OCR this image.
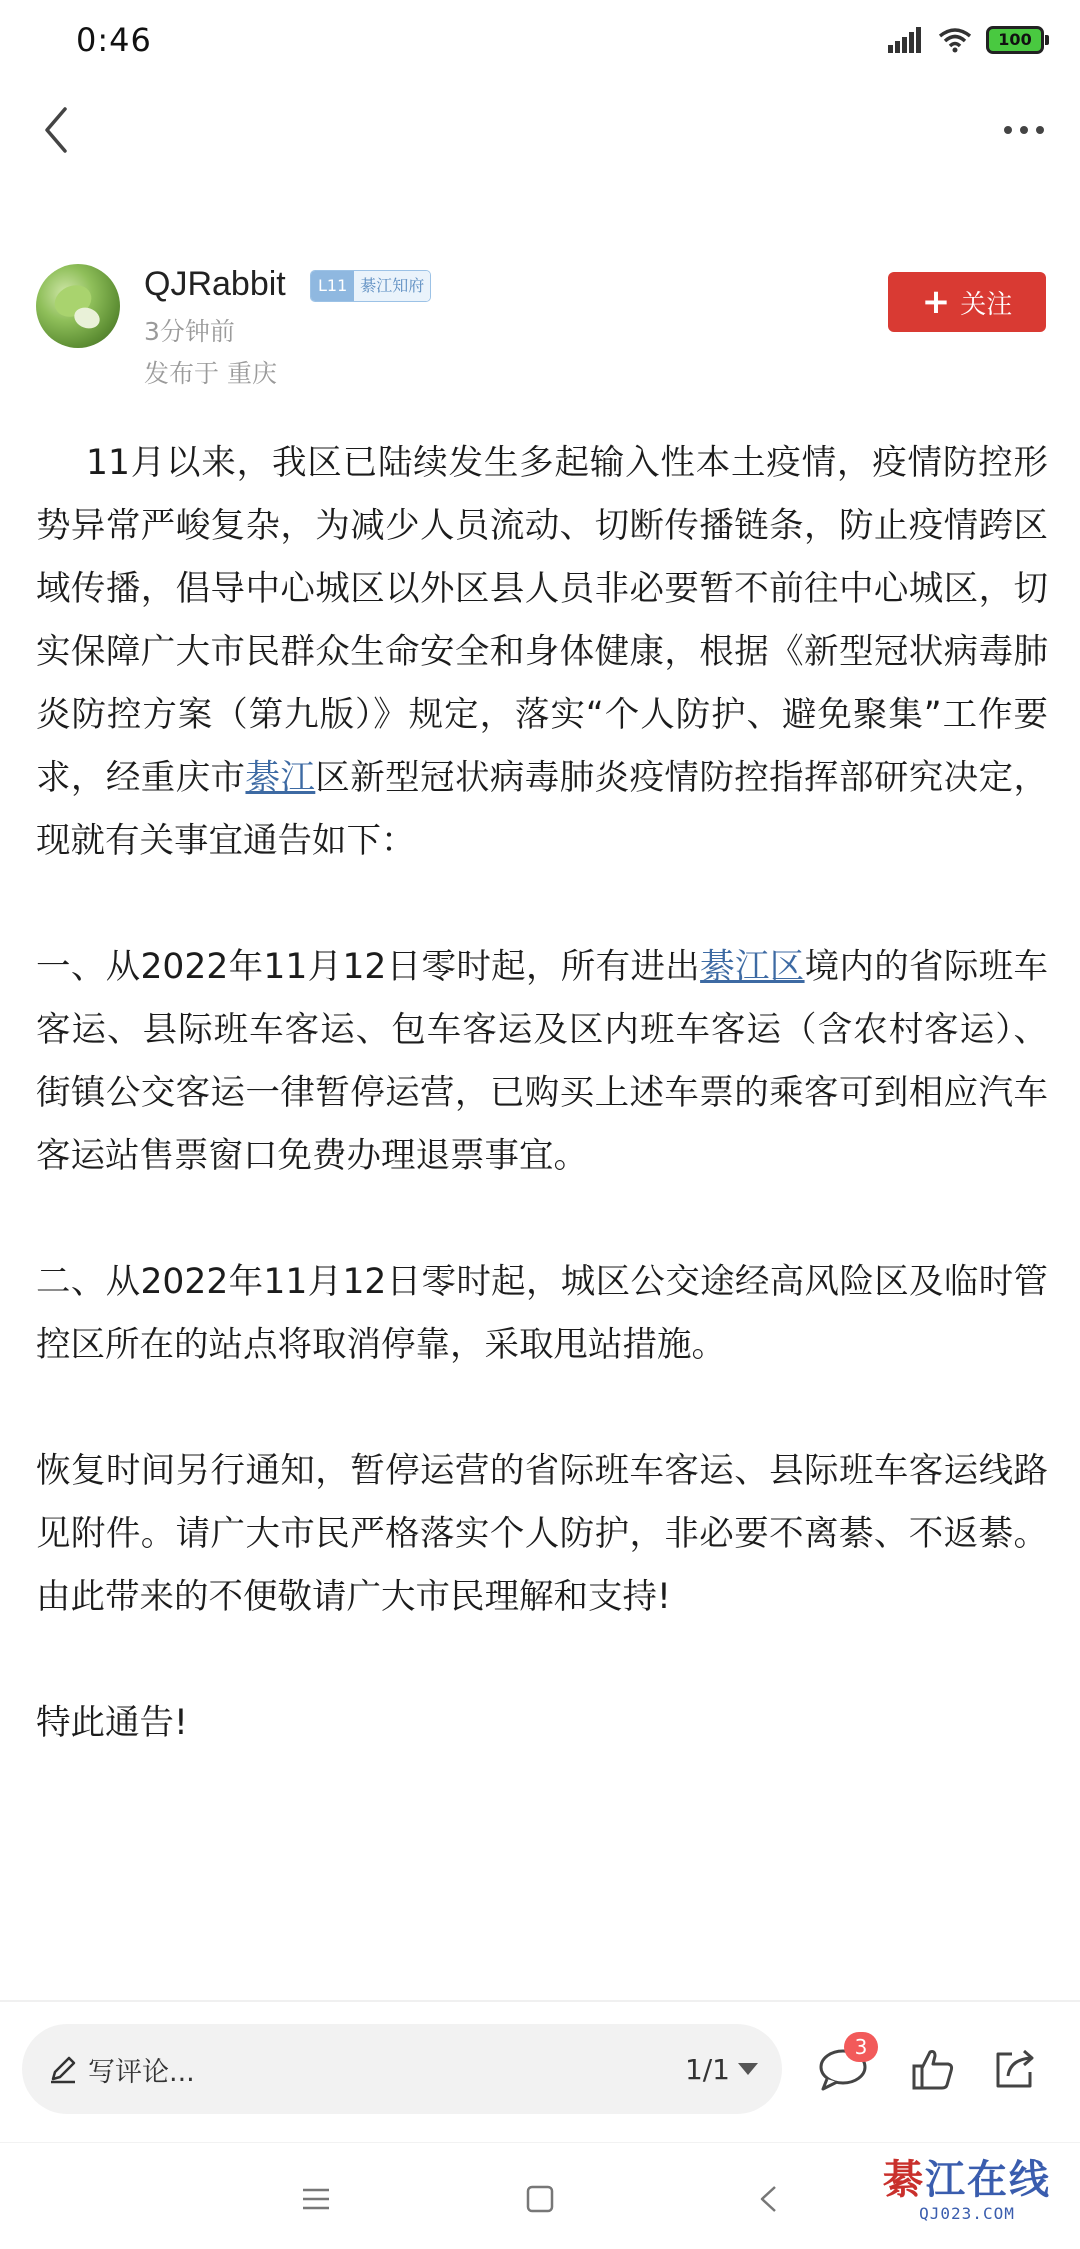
0:46	100
QJRabbit	L11 綦江知府
3分钟前
发布于 重庆
+ 关注

11月以来，我区已陆续发生多起输入性本土疫情，疫情防控形势异常严峻复杂，为减少人员流动、切断传播链条，防止疫情跨区域传播，倡导中心城区以外区县人员非必要暂不前往中心城区，切实保障广大市民群众生命安全和身体健康，根据《新型冠状病毒肺炎防控方案（第九版）》规定，落实“个人防护、避免聚集”工作要求，经重庆市綦江区新型冠状病毒肺炎疫情防控指挥部研究决定，现就有关事宜通告如下：

一、从2022年11月12日零时起，所有进出綦江区境内的省际班车客运、县际班车客运、包车客运及区内班车客运（含农村客运）、街镇公交客运一律暂停运营，已购买上述车票的乘客可到相应汽车客运站售票窗口免费办理退票事宜。

二、从2022年11月12日零时起，城区公交途经高风险区及临时管控区所在的站点将取消停靠，采取甩站措施。

恢复时间另行通知，暂停运营的省际班车客运、县际班车客运线路见附件。请广大市民严格落实个人防护，非必要不离綦、不返綦。由此带来的不便敬请广大市民理解和支持!

特此通告!

写评论...	1/1
3
綦江在线
QJ023.COM
